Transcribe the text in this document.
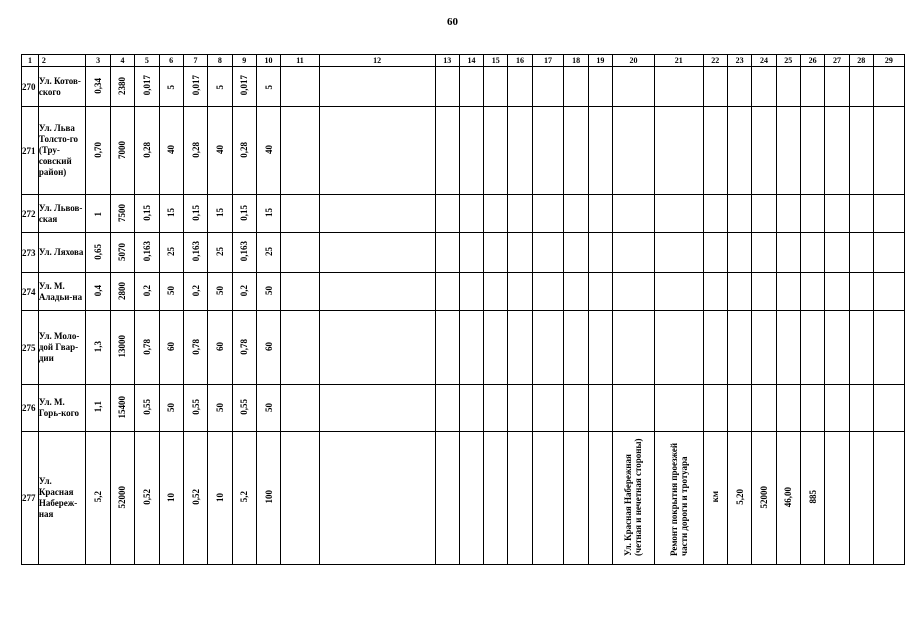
60
1	2	3	4	5	6	7	8	9	10	11	12	13	14	15	16	17	18	19	20	21	22	23	24	25	26	27	28	29
270	Ул. Котов-ского	0,34	2380	0,017	5	0,017	5	0,017	5																			
271	Ул. Льва Толсто-го (Тру-совский район)	0,70	7000	0,28	40	0,28	40	0,28	40																			
272	Ул. Львов-ская	1	7500	0,15	15	0,15	15	0,15	15																			
273	Ул. Ляхова	0,65	5070	0,163	25	0,163	25	0,163	25																			
274	Ул. М. Аладьи-на	0,4	2800	0,2	50	0,2	50	0,2	50																			
275	Ул. Моло-дой Гвар-дии	1,3	13000	0,78	60	0,78	60	0,78	60																			
276	Ул. М. Горь-кого	1,1	15400	0,55	50	0,55	50	0,55	50																			
277	Ул. Красная Набереж-ная	5,2	52000	0,52	10	0,52	10	5,2	100										Ул. Красная Набережная (четная и нечетная стороны)	Ремонт покрытия проезжей части дороги и тротуара	км	5,20	52000	46,00	885			
